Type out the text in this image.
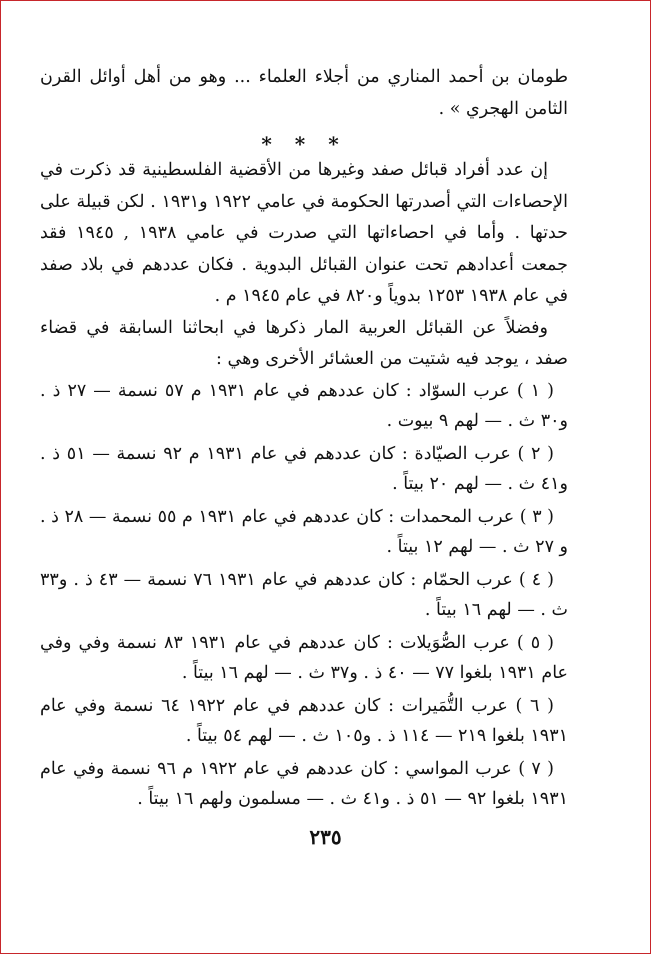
طومان بن أحمد المناري من أجلاء العلماء ... وهو من أهل أوائل القرن الثامن الهجري » .

* * *

إن عدد أفراد قبائل صفد وغيرها من الأقضية الفلسطينية قد ذكرت في الإحصاءات التي أصدرتها الحكومة في عامي ١٩٢٢ و١٩٣١ . لكن قبيلة على حدتها . وأما في احصاءاتها التي صدرت في عامي ١٩٣٨ , ١٩٤٥ فقد جمعت أعدادهم تحت عنوان القبائل البدوية . فكان عددهم في بلاد صفد في عام ١٩٣٨ ١٢٥٣ بدوياً و٨٢٠ في عام ١٩٤٥ م .

وفضلاً عن القبائل العربية المار ذكرها في ابحاثنا السابقة في قضاء صفد ، يوجد فيه شتيت من العشائر الأخرى وهي :

( ١ ) عرب السوّاد : كان عددهم في عام ١٩٣١ م ٥٧ نسمة — ٢٧ ذ . و٣٠ ث . — لهم ٩ بيوت .

( ٢ ) عرب الصيّادة : كان عددهم في عام ١٩٣١ م ٩٢ نسمة — ٥١ ذ . و٤١ ث . — لهم ٢٠ بيتاً .

( ٣ ) عرب المحمدات : كان عددهم في عام ١٩٣١ م ٥٥ نسمة — ٢٨ ذ . و ٢٧ ث . — لهم ١٢ بيتاً .

( ٤ ) عرب الحمّام : كان عددهم في عام ١٩٣١ ٧٦ نسمة — ٤٣ ذ . و٣٣ ث . — لهم ١٦ بيتاً .

( ٥ ) عرب الصُّوَيلات : كان عددهم في عام ١٩٣١ ٨٣ نسمة وفي وفي عام ١٩٣١ بلغوا ٧٧ — ٤٠ ذ . و٣٧ ث . — لهم ١٦ بيتاً .

( ٦ ) عرب التُّمَيرات : كان عددهم في عام ١٩٢٢ ٦٤ نسمة وفي عام ١٩٣١ بلغوا ٢١٩ — ١١٤ ذ . و١٠٥ ث . — لهم ٥٤ بيتاً .

( ٧ ) عرب المواسي : كان عددهم في عام ١٩٢٢ م ٩٦ نسمة وفي عام ١٩٣١ بلغوا ٩٢ — ٥١ ذ . و٤١ ث . — مسلمون ولهم ١٦ بيتاً .

٢٣٥
